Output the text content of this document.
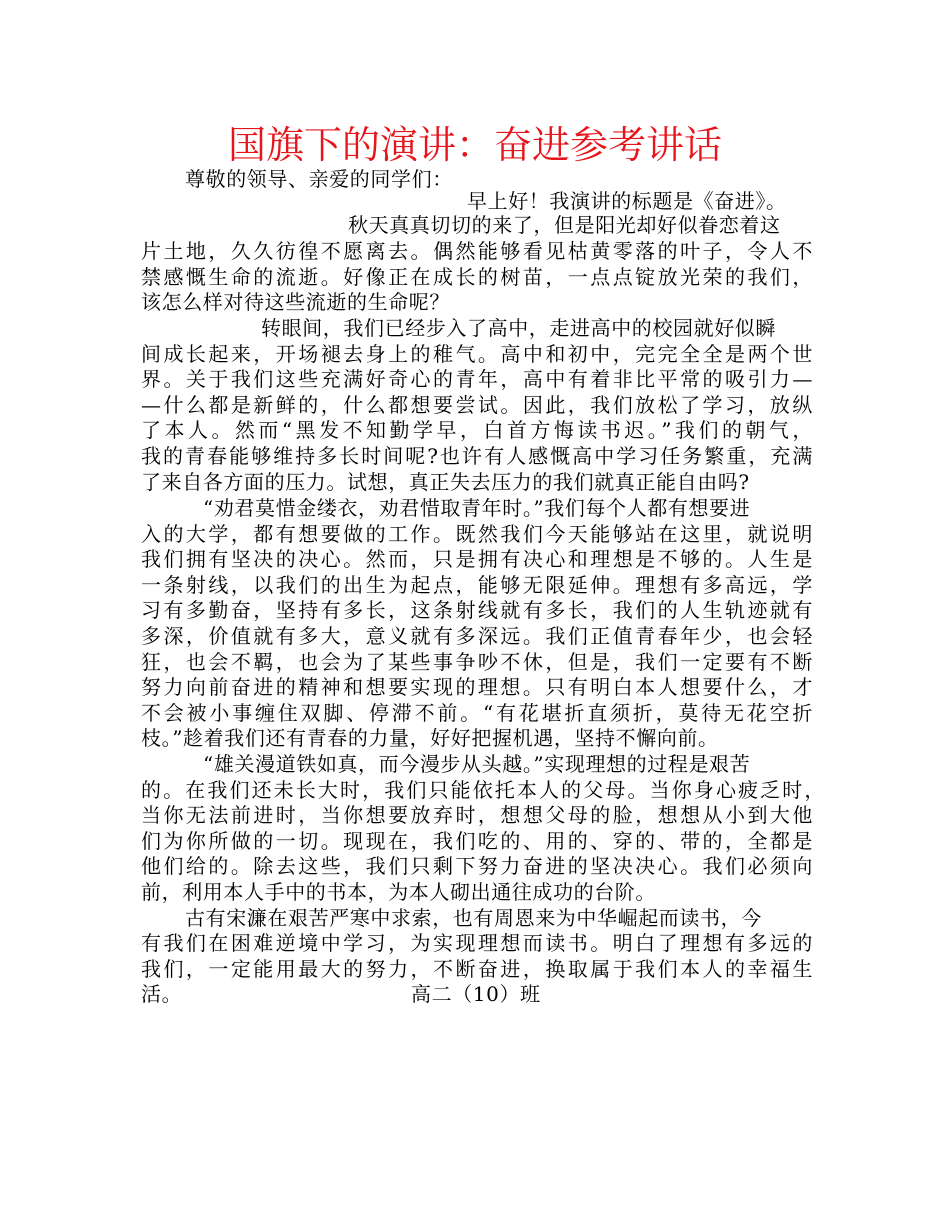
国旗下的演讲：奋进参考讲话
尊敬的领导、亲爱的同学们：
早上好！我演讲的标题是《奋进》。
秋天真真切切的来了，但是阳光却好似眷恋着这
片土地，久久彷徨不愿离去。偶然能够看见枯黄零落的叶子，令人不
禁感慨生命的流逝。好像正在成长的树苗，一点点锭放光荣的我们，
该怎么样对待这些流逝的生命呢？
转眼间，我们已经步入了高中，走进高中的校园就好似瞬
间成长起来，开场褪去身上的稚气。高中和初中，完完全全是两个世
界。关于我们这些充满好奇心的青年，高中有着非比平常的吸引力—
—什么都是新鲜的，什么都想要尝试。因此，我们放松了学习，放纵
了本人。然而“黑发不知勤学早，白首方悔读书迟。”我们的朝气，
我的青春能够维持多长时间呢?也许有人感慨高中学习任务繁重，充满
了来自各方面的压力。试想，真正失去压力的我们就真正能自由吗?
“劝君莫惜金缕衣，劝君惜取青年时。”我们每个人都有想要进
入的大学，都有想要做的工作。既然我们今天能够站在这里，就说明
我们拥有坚决的决心。然而，只是拥有决心和理想是不够的。人生是
一条射线，以我们的出生为起点，能够无限延伸。理想有多高远，学
习有多勤奋，坚持有多长，这条射线就有多长，我们的人生轨迹就有
多深，价值就有多大，意义就有多深远。我们正值青春年少，也会轻
狂，也会不羁，也会为了某些事争吵不休，但是，我们一定要有不断
努力向前奋进的精神和想要实现的理想。只有明白本人想要什么，才
不会被小事缠住双脚、停滞不前。“有花堪折直须折，莫待无花空折
枝。”趁着我们还有青春的力量，好好把握机遇，坚持不懈向前。
“雄关漫道铁如真，而今漫步从头越。”实现理想的过程是艰苦
的。在我们还未长大时，我们只能依托本人的父母。当你身心疲乏时，
当你无法前进时，当你想要放弃时，想想父母的脸，想想从小到大他
们为你所做的一切。现现在，我们吃的、用的、穿的、带的，全都是
他们给的。除去这些，我们只剩下努力奋进的坚决决心。我们必须向
前，利用本人手中的书本，为本人砌出通往成功的台阶。
古有宋濂在艰苦严寒中求索，也有周恩来为中华崛起而读书，今
有我们在困难逆境中学习，为实现理想而读书。明白了理想有多远的
我们，一定能用最大的努力，不断奋进，换取属于我们本人的幸福生
活。	高二（10）班
